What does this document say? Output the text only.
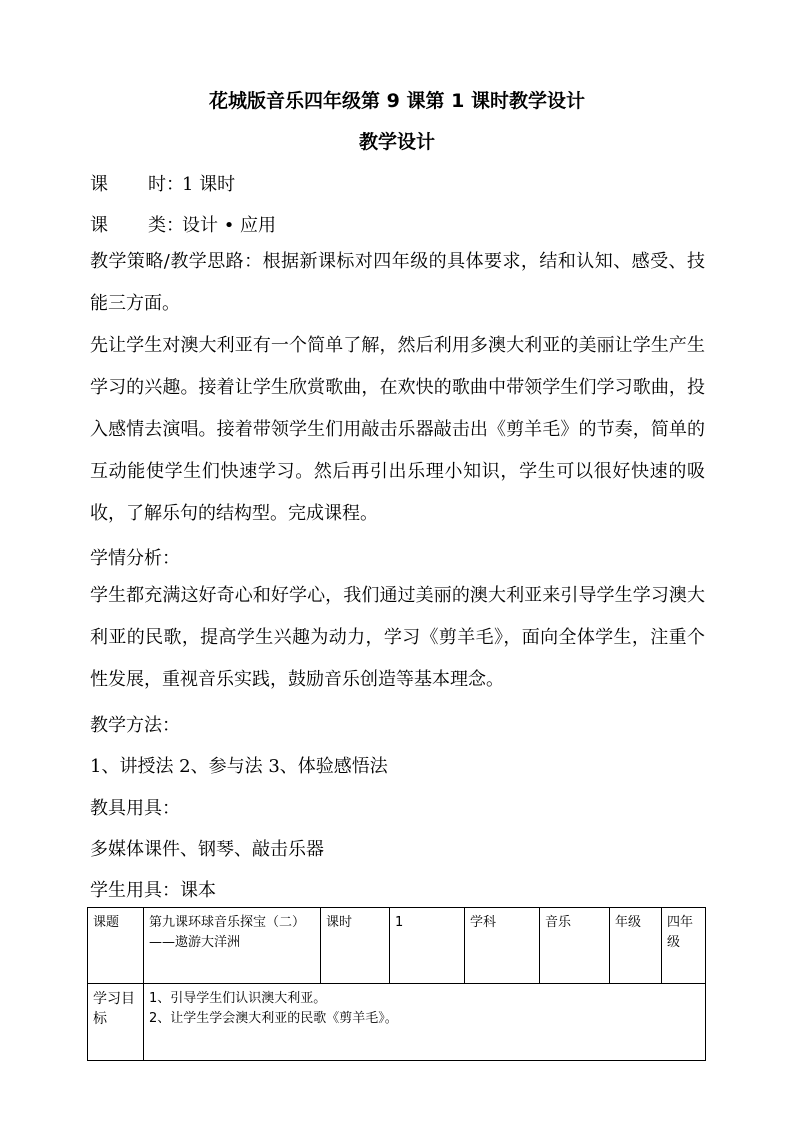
花城版音乐四年级第 9 课第 1 课时教学设计
教学设计
课 时：1 课时
课 类：设计 • 应用
教学策略/教学思路：根据新课标对四年级的具体要求，结和认知、感受、技能三方面。
先让学生对澳大利亚有一个简单了解，然后利用多澳大利亚的美丽让学生产生学习的兴趣。接着让学生欣赏歌曲，在欢快的歌曲中带领学生们学习歌曲，投入感情去演唱。接着带领学生们用敲击乐器敲击出《剪羊毛》的节奏，简单的互动能使学生们快速学习。然后再引出乐理小知识，学生可以很好快速的吸收，了解乐句的结构型。完成课程。
学情分析：
学生都充满这好奇心和好学心，我们通过美丽的澳大利亚来引导学生学习澳大利亚的民歌，提高学生兴趣为动力，学习《剪羊毛》，面向全体学生，注重个性发展，重视音乐实践，鼓励音乐创造等基本理念。
教学方法：
1、讲授法 2、参与法 3、体验感悟法
教具用具：
多媒体课件、钢琴、敲击乐器
学生用具：课本
课题	第九课环球音乐探宝（二）——遨游大洋洲	课时	1	学科	音乐	年级	四年级
学习目标	1、引导学生们认识澳大利亚。
2、让学生学会澳大利亚的民歌《剪羊毛》。						
